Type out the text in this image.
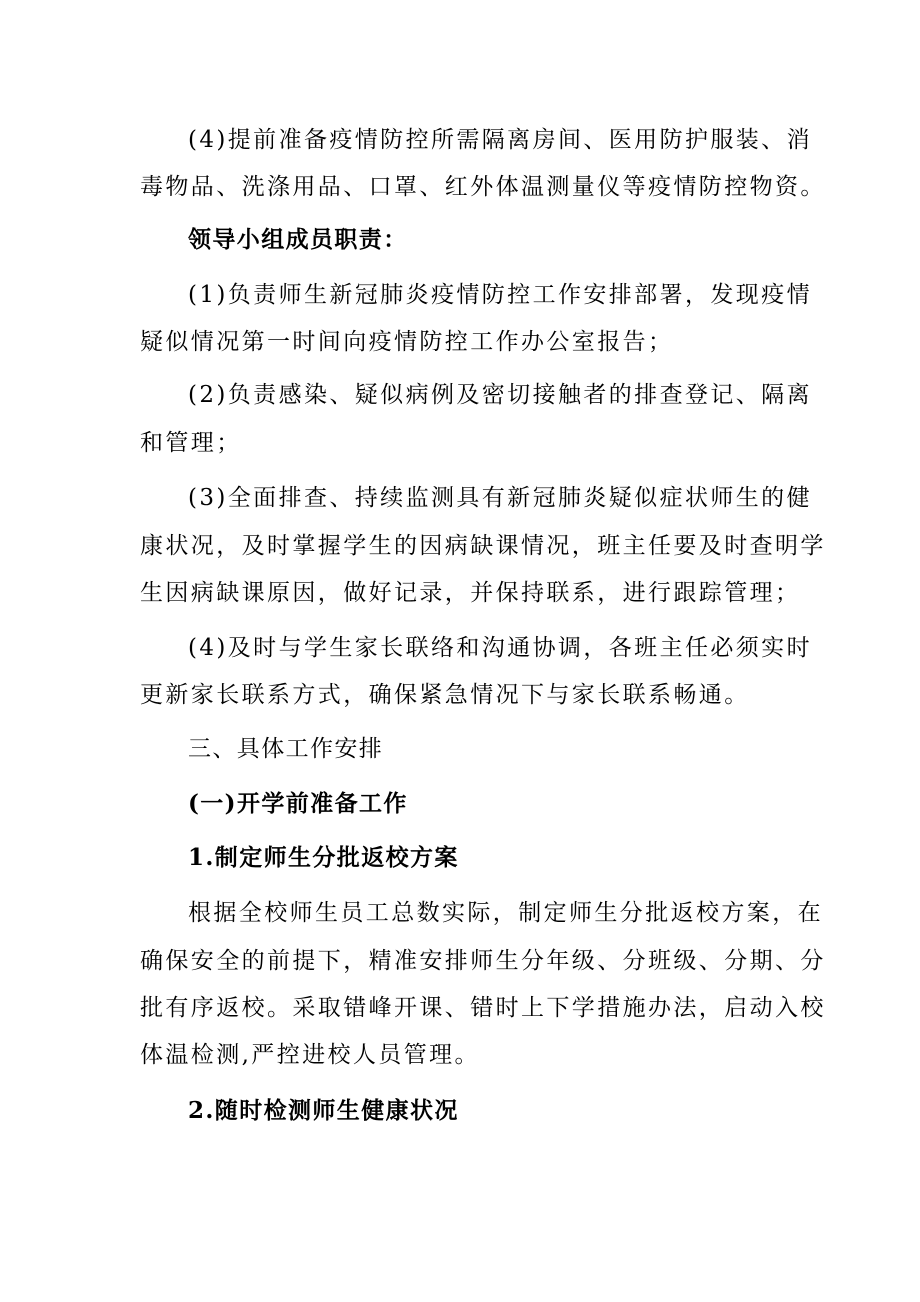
(4)提前准备疫情防控所需隔离房间、医用防护服装、消
毒物品、洗涤用品、口罩、红外体温测量仪等疫情防控物资。
领导小组成员职责：
(1)负责师生新冠肺炎疫情防控工作安排部署，发现疫情
疑似情况第一时间向疫情防控工作办公室报告；
(2)负责感染、疑似病例及密切接触者的排查登记、隔离
和管理；
(3)全面排查、持续监测具有新冠肺炎疑似症状师生的健
康状况，及时掌握学生的因病缺课情况，班主任要及时查明学
生因病缺课原因，做好记录，并保持联系，进行跟踪管理；
(4)及时与学生家长联络和沟通协调，各班主任必须实时
更新家长联系方式，确保紧急情况下与家长联系畅通。
三、具体工作安排
(一)开学前准备工作
1.制定师生分批返校方案
根据全校师生员工总数实际，制定师生分批返校方案，在
确保安全的前提下，精准安排师生分年级、分班级、分期、分
批有序返校。采取错峰开课、错时上下学措施办法，启动入校
体温检测,严控进校人员管理。
2.随时检测师生健康状况
